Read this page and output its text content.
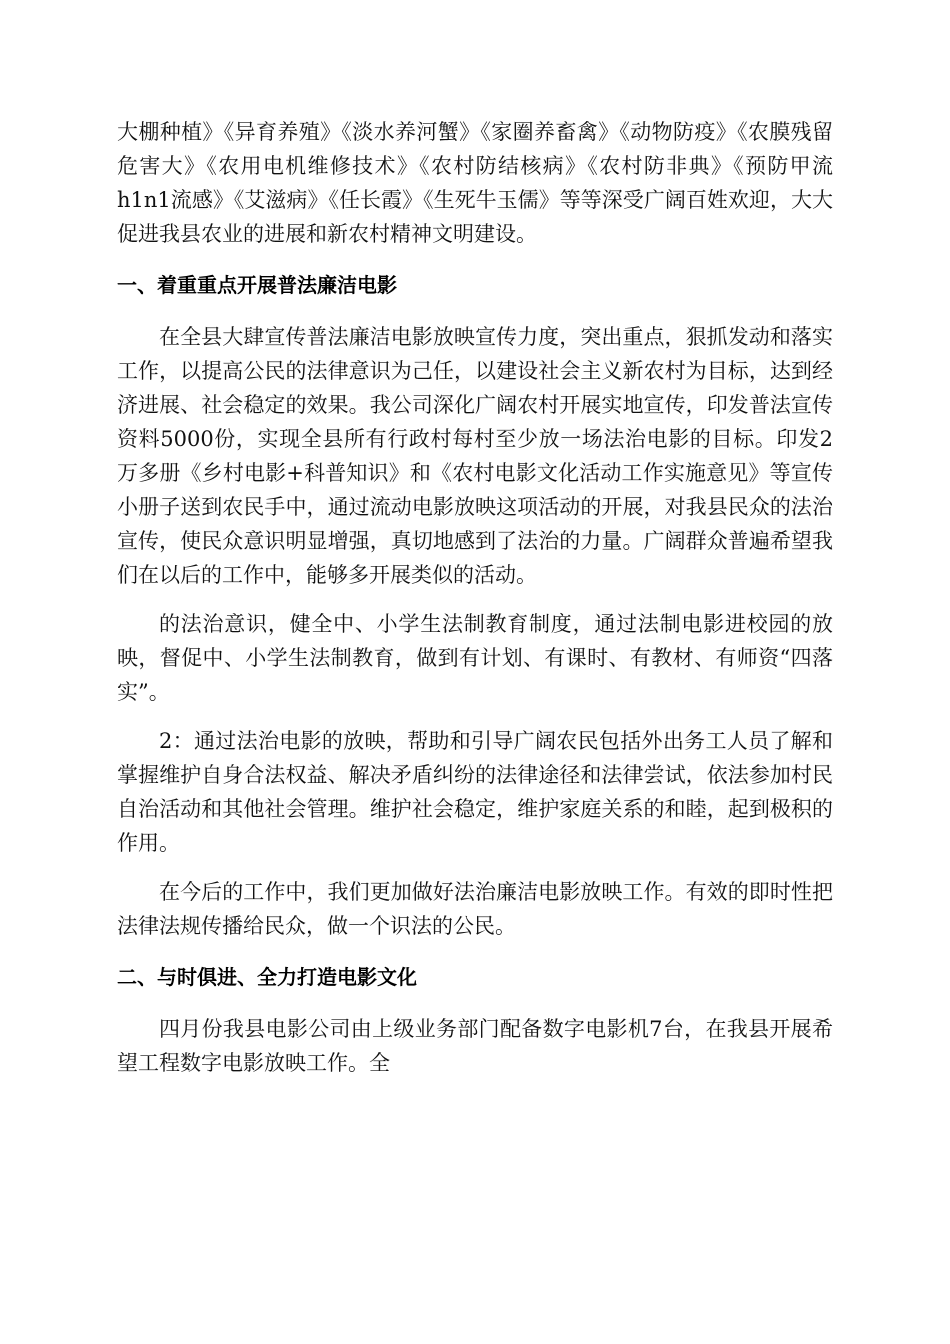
大棚种植》《异育养殖》《淡水养河蟹》《家圈养畜禽》《动物防疫》《农膜残留危害大》《农用电机维修技术》《农村防结核病》《农村防非典》《预防甲流h1n1流感》《艾滋病》《任长霞》《生死牛玉儒》等等深受广阔百姓欢迎，大大促进我县农业的进展和新农村精神文明建设。

一、着重重点开展普法廉洁电影

在全县大肆宣传普法廉洁电影放映宣传力度，突出重点，狠抓发动和落实工作，以提高公民的法律意识为己任，以建设社会主义新农村为目标，达到经济进展、社会稳定的效果。我公司深化广阔农村开展实地宣传，印发普法宣传资料5000份，实现全县所有行政村每村至少放一场法治电影的目标。印发2万多册《乡村电影+科普知识》和《农村电影文化活动工作实施意见》等宣传小册子送到农民手中，通过流动电影放映这项活动的开展，对我县民众的法治宣传，使民众意识明显增强，真切地感到了法治的力量。广阔群众普遍希望我们在以后的工作中，能够多开展类似的活动。

的法治意识，健全中、小学生法制教育制度，通过法制电影进校园的放映，督促中、小学生法制教育，做到有计划、有课时、有教材、有师资“四落实”。

2：通过法治电影的放映，帮助和引导广阔农民包括外出务工人员了解和掌握维护自身合法权益、解决矛盾纠纷的法律途径和法律尝试，依法参加村民自治活动和其他社会管理。维护社会稳定，维护家庭关系的和睦，起到极积的作用。

在今后的工作中，我们更加做好法治廉洁电影放映工作。有效的即时性把法律法规传播给民众，做一个识法的公民。

二、与时俱进、全力打造电影文化

四月份我县电影公司由上级业务部门配备数字电影机7台，在我县开展希望工程数字电影放映工作。全
